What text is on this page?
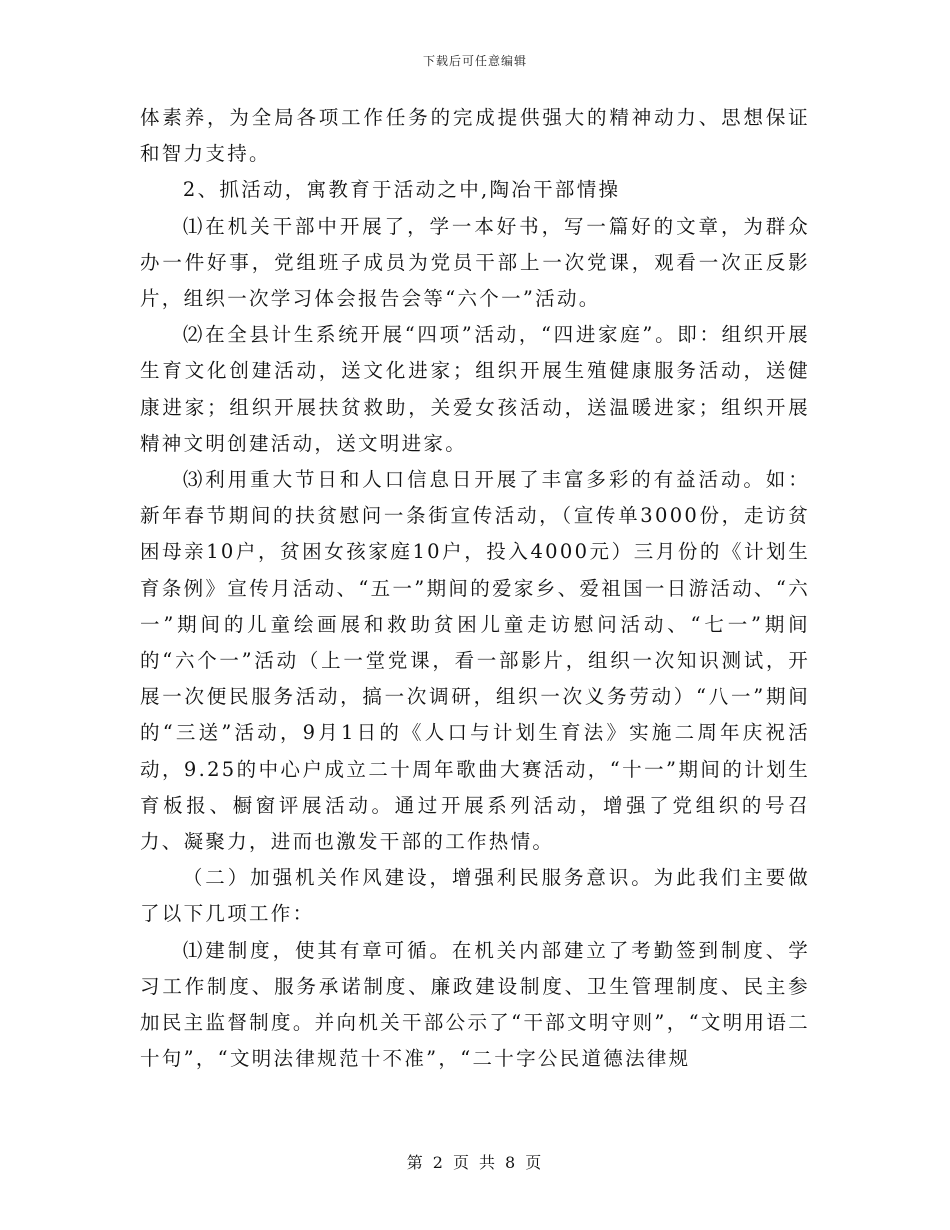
下载后可任意编辑

体素养，为全局各项工作任务的完成提供强大的精神动力、思想保证和智力支持。

2、抓活动，寓教育于活动之中,陶冶干部情操

⑴在机关干部中开展了，学一本好书，写一篇好的文章，为群众办一件好事，党组班子成员为党员干部上一次党课，观看一次正反影片，组织一次学习体会报告会等“六个一”活动。

⑵在全县计生系统开展“四项”活动，“四进家庭”。即：组织开展生育文化创建活动，送文化进家；组织开展生殖健康服务活动，送健康进家；组织开展扶贫救助，关爱女孩活动，送温暖进家；组织开展精神文明创建活动，送文明进家。

⑶利用重大节日和人口信息日开展了丰富多彩的有益活动。如：新年春节期间的扶贫慰问一条街宣传活动，（宣传单3000份，走访贫困母亲10户，贫困女孩家庭10户，投入4000元）三月份的《计划生育条例》宣传月活动、“五一”期间的爱家乡、爱祖国一日游活动、“六一”期间的儿童绘画展和救助贫困儿童走访慰问活动、“七一”期间的“六个一”活动（上一堂党课，看一部影片，组织一次知识测试，开展一次便民服务活动，搞一次调研，组织一次义务劳动）“八一”期间的“三送”活动，9月1日的《人口与计划生育法》实施二周年庆祝活动，9.25的中心户成立二十周年歌曲大赛活动，“十一”期间的计划生育板报、橱窗评展活动。通过开展系列活动，增强了党组织的号召力、凝聚力，进而也激发干部的工作热情。

（二）加强机关作风建设，增强利民服务意识。为此我们主要做了以下几项工作：

⑴建制度，使其有章可循。在机关内部建立了考勤签到制度、学习工作制度、服务承诺制度、廉政建设制度、卫生管理制度、民主参加民主监督制度。并向机关干部公示了“干部文明守则”，“文明用语二十句”，“文明法律规范十不准”，“二十字公民道德法律规

第 2 页 共 8 页
